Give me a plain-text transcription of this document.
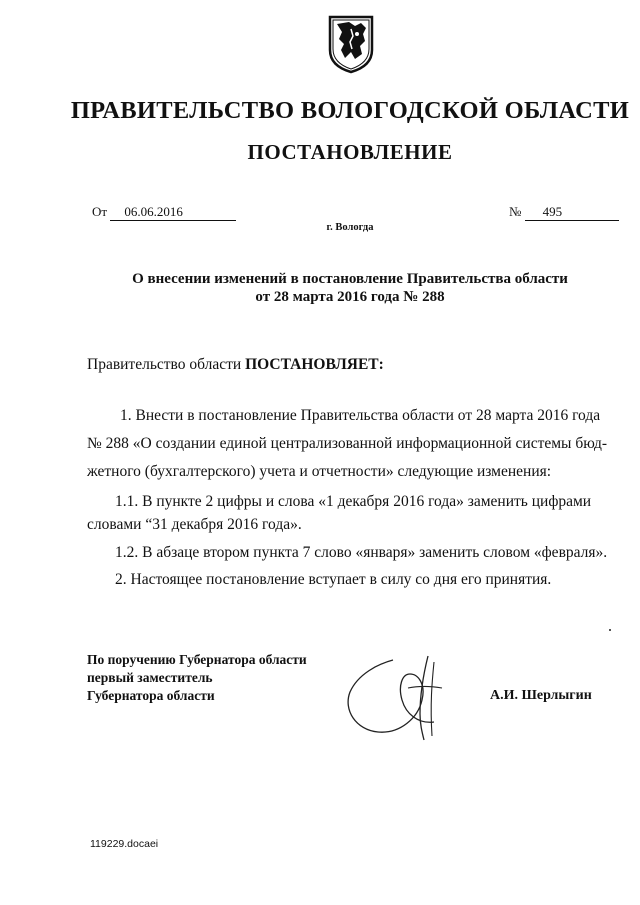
ПРАВИТЕЛЬСТВО ВОЛОГОДСКОЙ ОБЛАСТИ
ПОСТАНОВЛЕНИЕ
От 06.06.2016	№ 495
г. Вологда
О внесении изменений в постановление Правительства области
от 28 марта 2016 года № 288
Правительство области ПОСТАНОВЛЯЕТ:
1. Внести в постановление Правительства области от 28 марта 2016 года
№ 288 «О создании единой централизованной информационной системы бюд-
жетного (бухгалтерского) учета и отчетности» следующие изменения:
1.1. В пункте 2 цифры и слова «1 декабря 2016 года» заменить цифрами
словами “31 декабря 2016 года».
1.2. В абзаце втором пункта 7 слово «января» заменить словом «февраля».
2. Настоящее постановление вступает в силу со дня его принятия.
По поручению Губернатора области
первый заместитель
Губернатора области	А.И. Шерлыгин
119229.docaei
